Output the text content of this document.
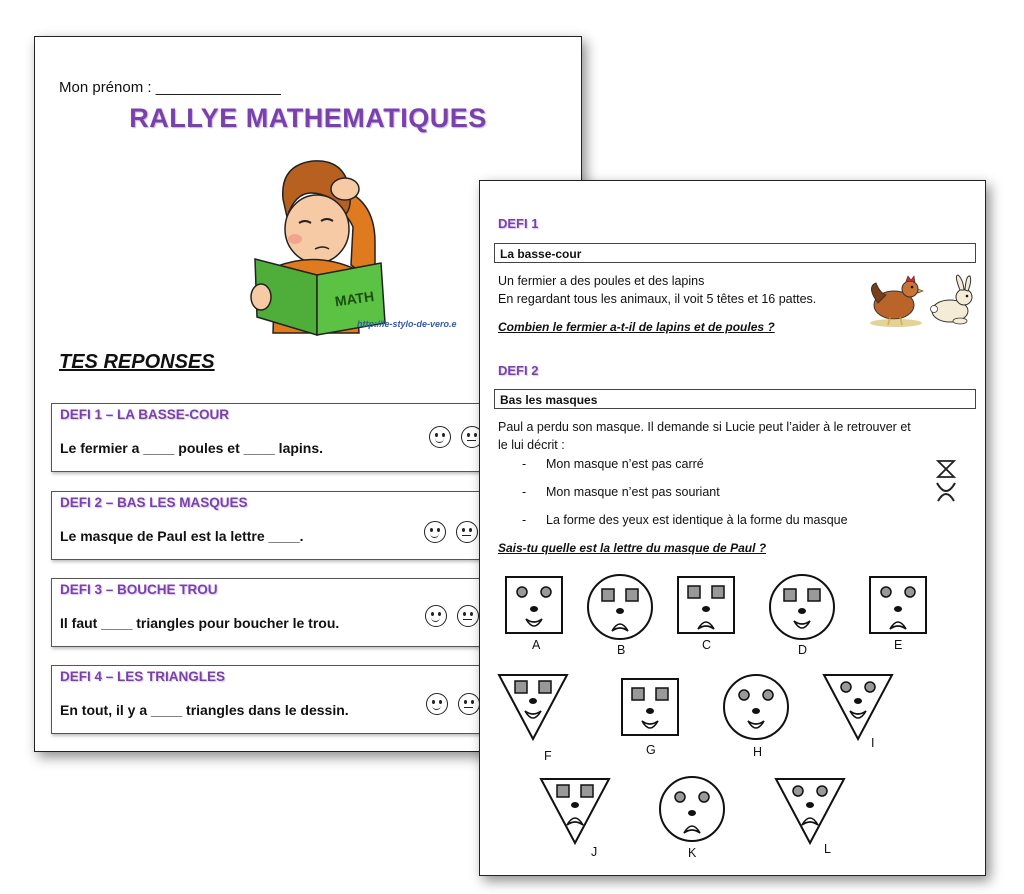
Mon prénom : _______________
RALLYE MATHEMATIQUES
MATH
http://le-stylo-de-vero.e
TES REPONSES
DEFI 1 – LA BASSE-COUR
Le fermier a ____ poules et ____ lapins.
DEFI 2 – BAS LES MASQUES
Le masque de Paul est la lettre ____.
DEFI 3 – BOUCHE TROU
Il faut ____ triangles pour boucher le trou.
DEFI 4 – LES TRIANGLES
En tout, il y a ____ triangles dans le dessin.
DEFI 1
La basse-cour
Un fermier a des poules et des lapins
En regardant tous les animaux, il voit 5 têtes et 16 pattes.
Combien le fermier a-t-il de lapins et de poules ?
DEFI 2
Bas les masques
Paul a perdu son masque. Il demande si Lucie peut l’aider à le retrouver et
le lui décrit :
- Mon masque n’est pas carré
- Mon masque n’est pas souriant
- La forme des yeux est identique à la forme du masque
Sais-tu quelle est la lettre du masque de Paul ?
A	B	C	D	E
F	G	H
I
J	K	L
